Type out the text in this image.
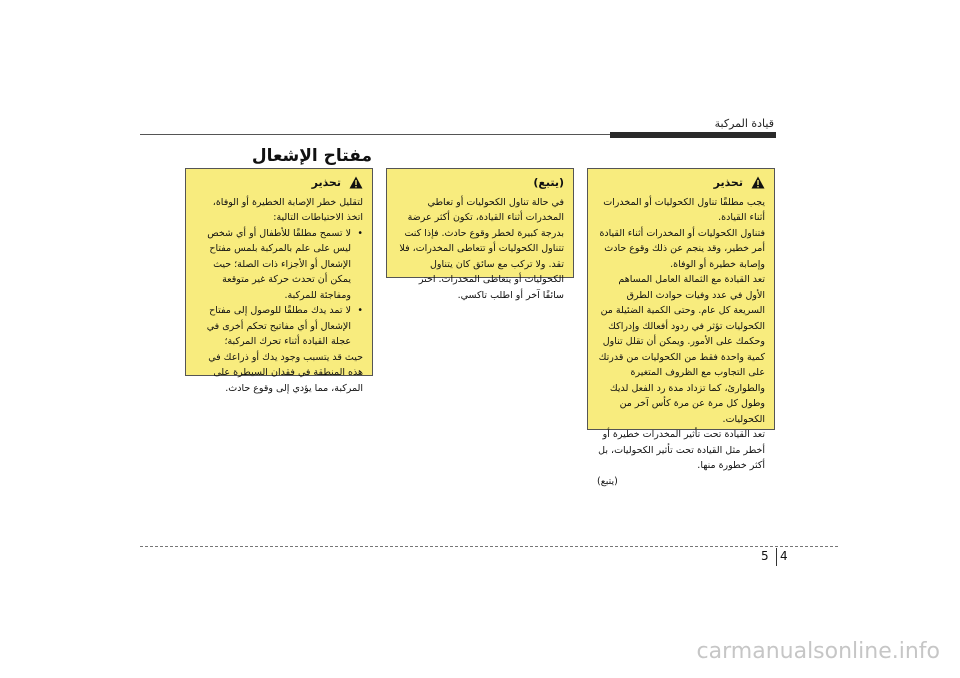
قيادة المركبة
مفتاح الإشعال
تحذير

لتقليل خطر الإصابة الخطيرة أو الوفاة، اتخذ الاحتياطات التالية:

• لا تسمح مطلقًا للأطفال أو أي شخص ليس على علم بالمركبة بلمس مفتاح الإشعال أو الأجزاء ذات الصلة؛ حيث يمكن أن تحدث حركة غير متوقعة ومفاجئة للمركبة.

• لا تمد يدك مطلقًا للوصول إلى مفتاح الإشعال أو أي مفاتيح تحكم أخرى في عجلة القيادة أثناء تحرك المركبة؛

حيث قد يتسبب وجود يدك أو ذراعك في هذه المنطقة في فقدان السيطرة على المركبة، مما يؤدي إلى وقوع حادث.

(يتبع)

في حالة تناول الكحوليات أو تعاطي المخدرات أثناء القيادة، تكون أكثر عرضة بدرجة كبيرة لخطر وقوع حادث. فإذا كنت تتناول الكحوليات أو تتعاطى المخدرات، فلا تقد. ولا تركب مع سائق كان يتناول الكحوليات أو يتعاطى المخدرات. اختر سائقًا آخر أو اطلب تاكسي.

تحذير

يجب مطلقًا تناول الكحوليات أو المخدرات أثناء القيادة.

فتناول الكحوليات أو المخدرات أثناء القيادة أمر خطير، وقد ينجم عن ذلك وقوع حادث وإصابة خطيرة أو الوفاة.

تعد القيادة مع الثمالة العامل المساهم الأول في عدد وفيات حوادث الطرق السريعة كل عام. وحتى الكمية الضئيلة من الكحوليات تؤثر في ردود أفعالك وإدراكك وحكمك على الأمور. ويمكن أن تقلل تناول كمية واحدة فقط من الكحوليات من قدرتك على التجاوب مع الظروف المتغيرة والطوارئ، كما تزداد مدة رد الفعل لديك وطول كل مرة عن مرة كأس آخر من الكحوليات.

تعد القيادة تحت تأثير المخدرات خطيرة أو أخطر مثل القيادة تحت تأثير الكحوليات، بل أكثر خطورة منها.

(يتبع)

5 4
carmanualsonline.info
